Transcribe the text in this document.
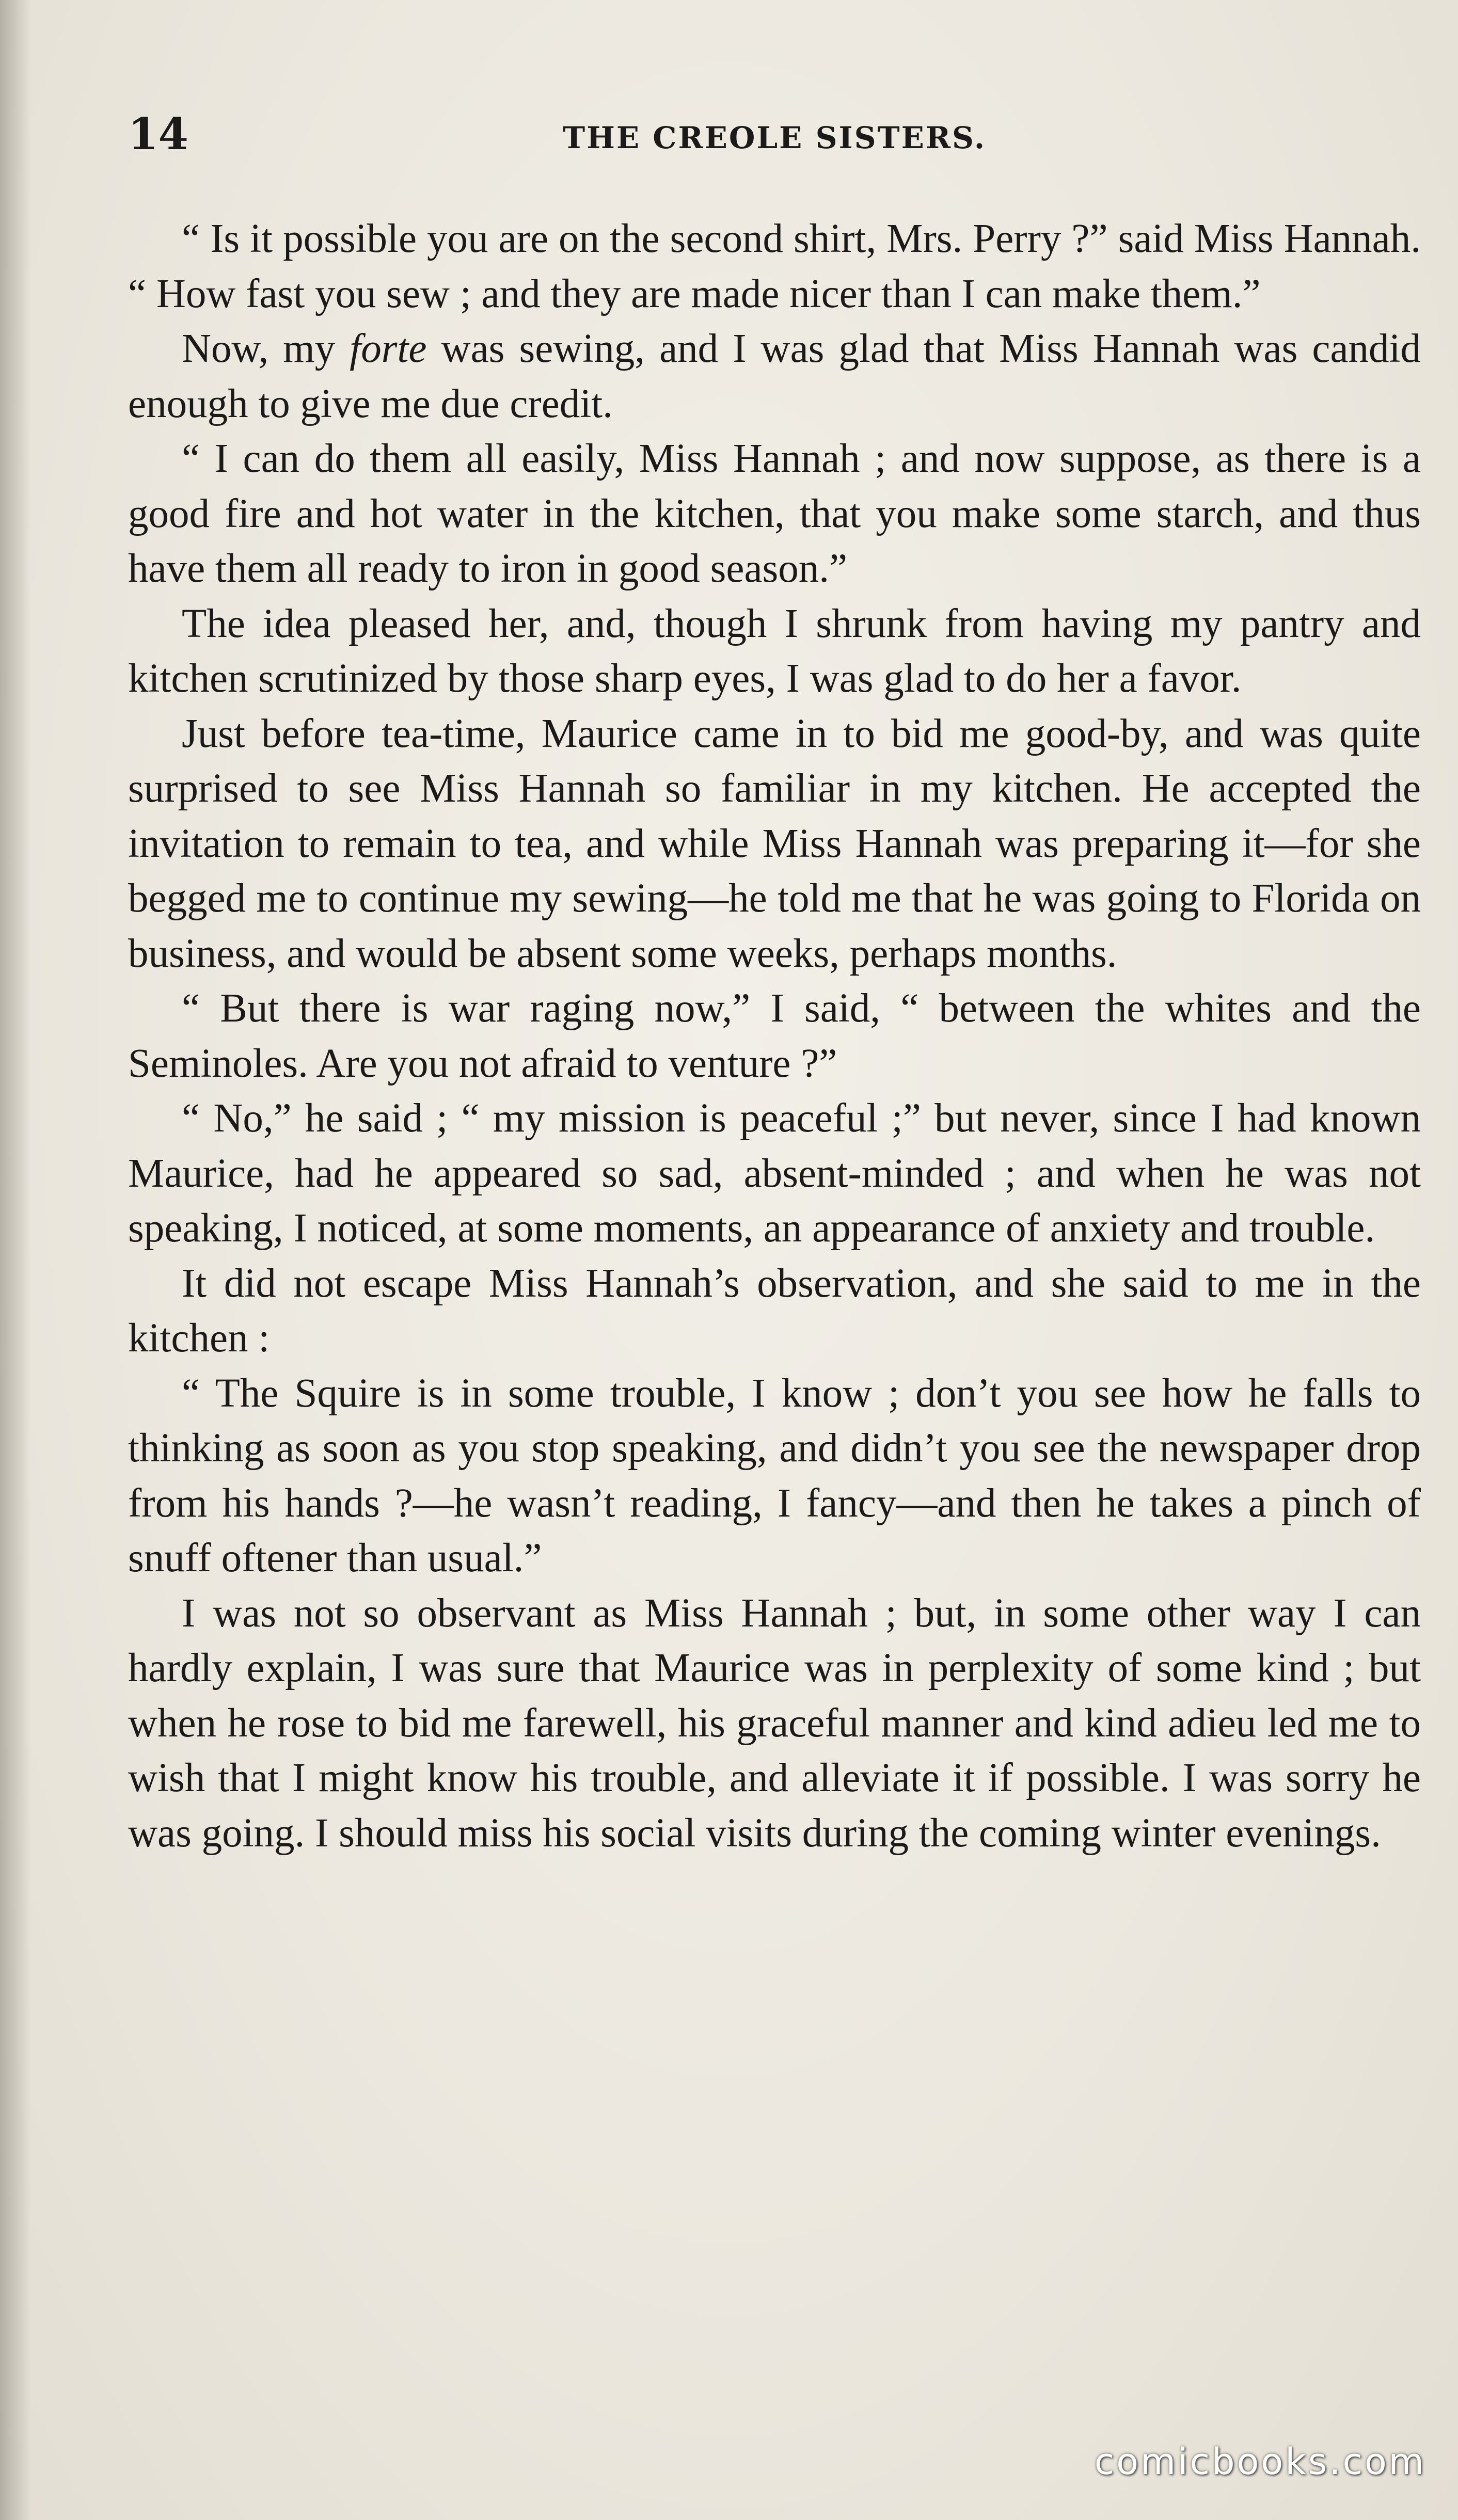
14	THE CREOLE SISTERS.

“ Is it possible you are on the second shirt, Mrs. Perry ?” said Miss Hannah. “ How fast you sew ; and they are made nicer than I can make them.”

Now, my forte was sewing, and I was glad that Miss Hannah was candid enough to give me due credit.

“ I can do them all easily, Miss Hannah ; and now suppose, as there is a good fire and hot water in the kitchen, that you make some starch, and thus have them all ready to iron in good season.”

The idea pleased her, and, though I shrunk from having my pantry and kitchen scrutinized by those sharp eyes, I was glad to do her a favor.

Just before tea-time, Maurice came in to bid me good-by, and was quite surprised to see Miss Hannah so familiar in my kitchen. He accepted the invitation to remain to tea, and while Miss Hannah was preparing it—for she begged me to continue my sewing—he told me that he was going to Florida on business, and would be absent some weeks, perhaps months.

“ But there is war raging now,” I said, “ between the whites and the Seminoles. Are you not afraid to venture ?”

“ No,” he said ; “ my mission is peaceful ;” but never, since I had known Maurice, had he appeared so sad, absent-minded ; and when he was not speaking, I noticed, at some moments, an appearance of anxiety and trouble.

It did not escape Miss Hannah’s observation, and she said to me in the kitchen :

“ The Squire is in some trouble, I know ; don’t you see how he falls to thinking as soon as you stop speaking, and didn’t you see the newspaper drop from his hands ?—he wasn’t reading, I fancy—and then he takes a pinch of snuff oftener than usual.”

I was not so observant as Miss Hannah ; but, in some other way I can hardly explain, I was sure that Maurice was in perplexity of some kind ; but when he rose to bid me farewell, his graceful manner and kind adieu led me to wish that I might know his trouble, and alleviate it if possible. I was sorry he was going. I should miss his social visits during the coming winter evenings.

comicbooks.com
